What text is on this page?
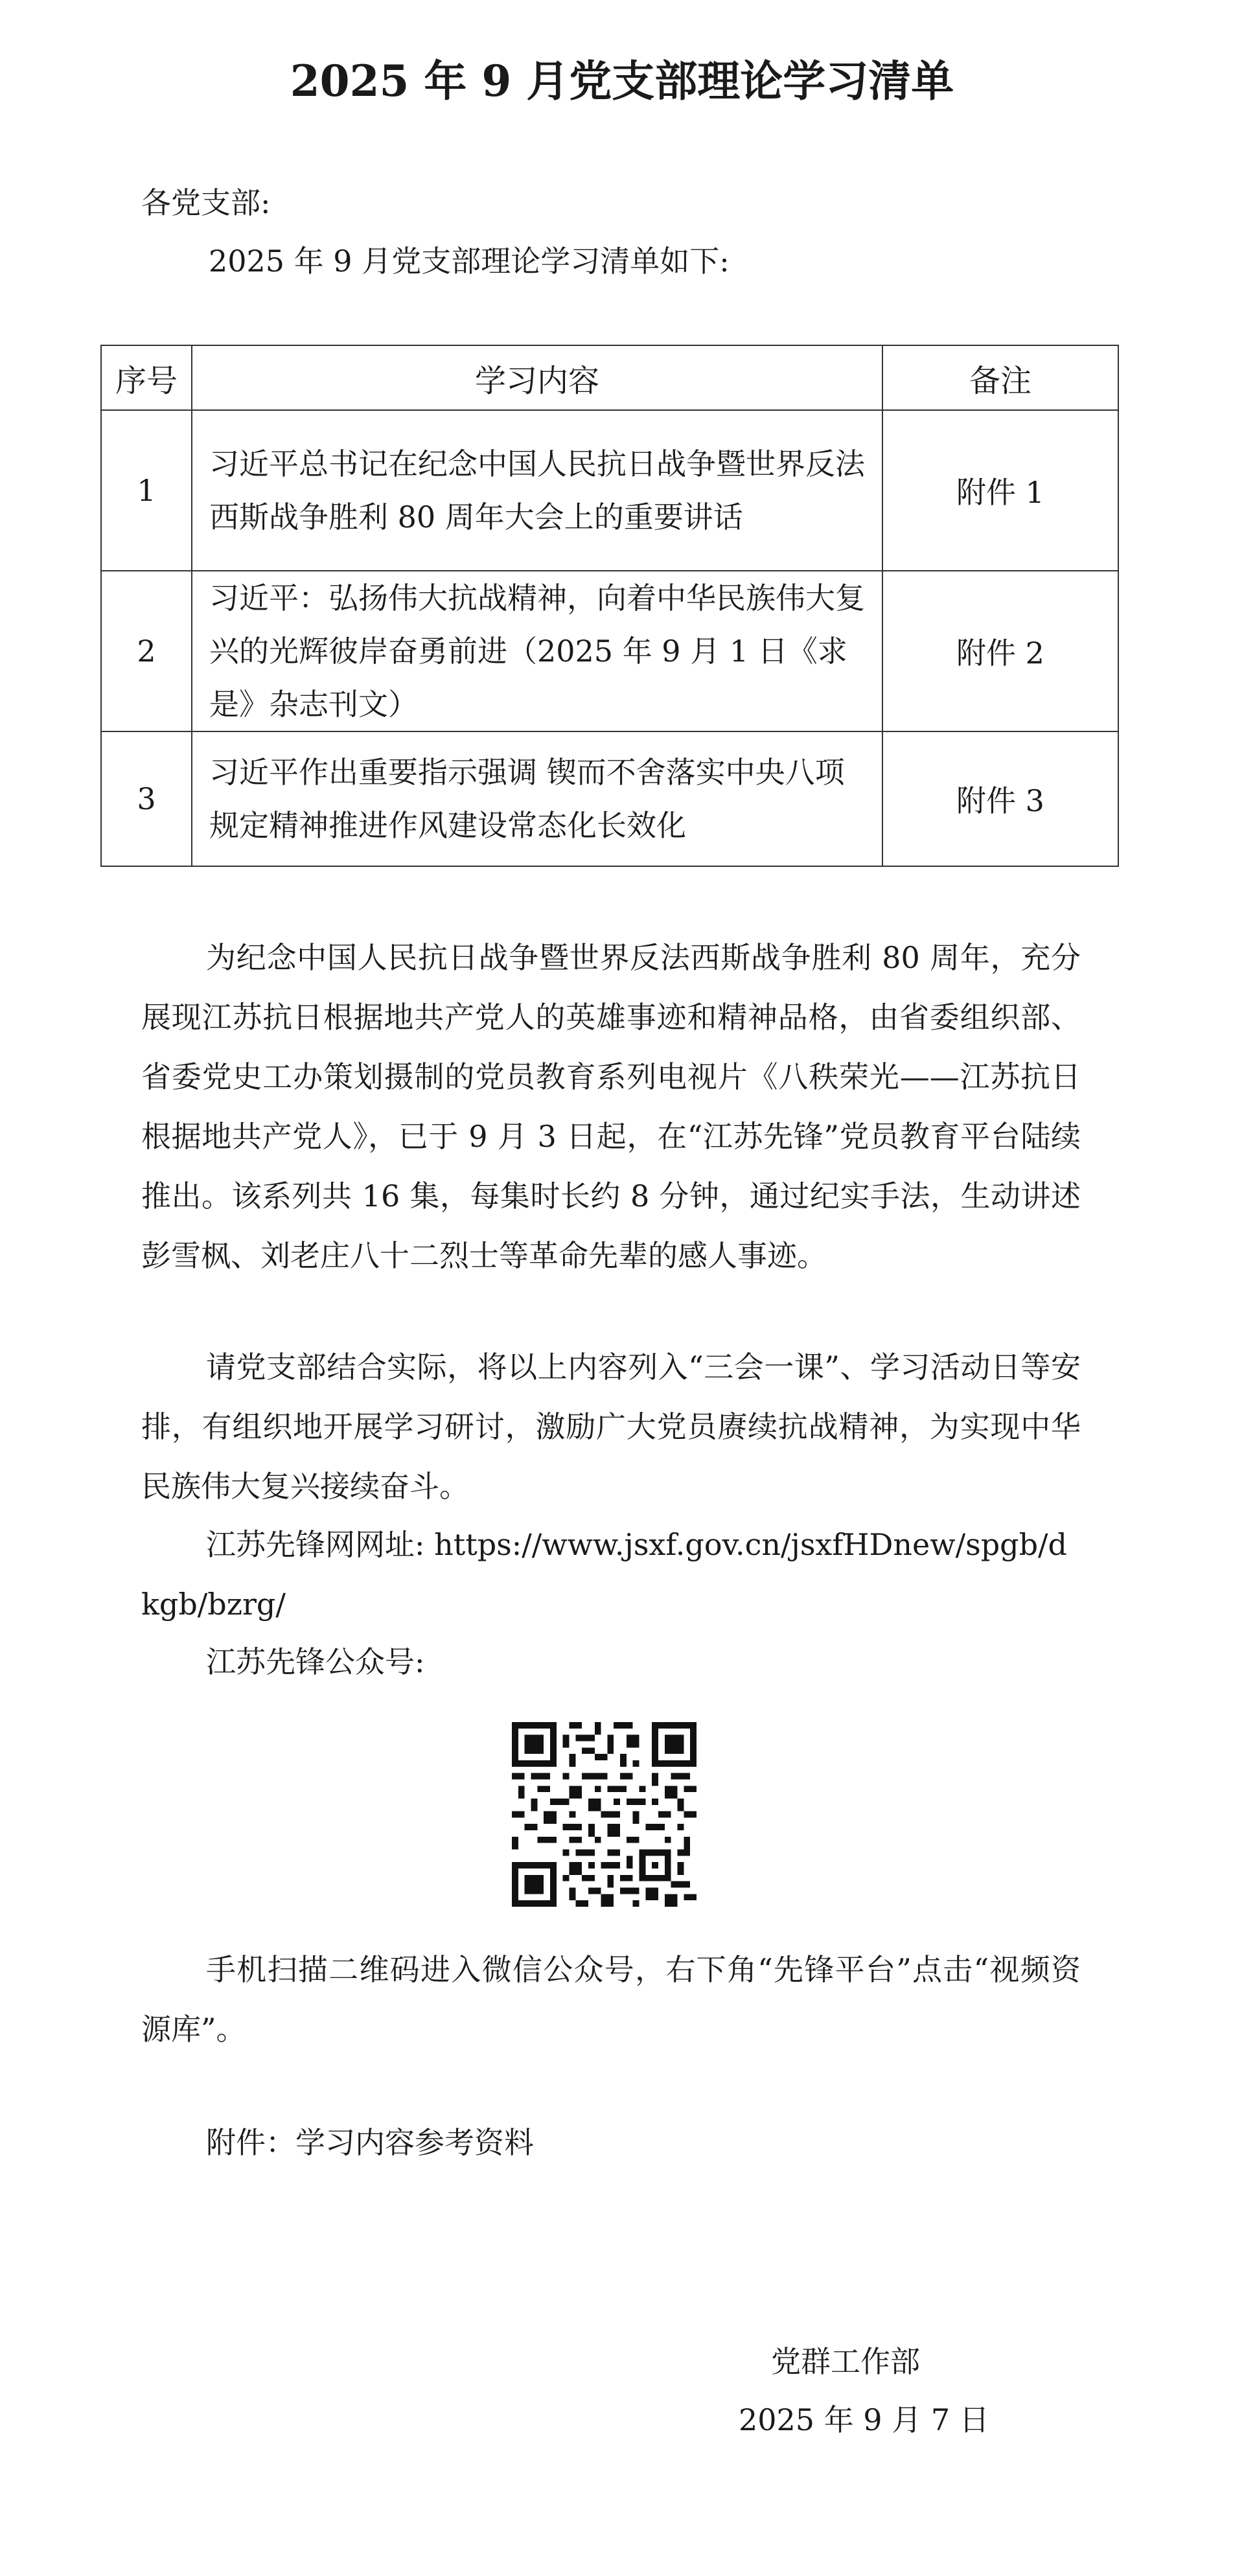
2025 年 9 月党支部理论学习清单

各党支部:

2025 年 9 月党支部理论学习清单如下:

序号	学习内容	备注
1	习近平总书记在纪念中国人民抗日战争暨世界反法西斯战争胜利 80 周年大会上的重要讲话	附件 1
2	习近平：弘扬伟大抗战精神，向着中华民族伟大复兴的光辉彼岸奋勇前进（2025 年 9 月 1 日《求是》杂志刊文）	附件 2
3	习近平作出重要指示强调 锲而不舍落实中央八项规定精神推进作风建设常态化长效化	附件 3

为纪念中国人民抗日战争暨世界反法西斯战争胜利 80 周年，充分展现江苏抗日根据地共产党人的英雄事迹和精神品格，由省委组织部、省委党史工办策划摄制的党员教育系列电视片《八秩荣光——江苏抗日根据地共产党人》，已于 9 月 3 日起，在“江苏先锋”党员教育平台陆续推出。该系列共 16 集，每集时长约 8 分钟，通过纪实手法，生动讲述彭雪枫、刘老庄八十二烈士等革命先辈的感人事迹。

请党支部结合实际，将以上内容列入“三会一课”、学习活动日等安排，有组织地开展学习研讨，激励广大党员赓续抗战精神，为实现中华民族伟大复兴接续奋斗。

江苏先锋网网址: https://www.jsxf.gov.cn/jsxfHDnew/spgb/dkgb/bzrg/

江苏先锋公众号:

手机扫描二维码进入微信公众号，右下角“先锋平台”点击“视频资源库”。

附件：学习内容参考资料

党群工作部

2025 年 9 月 7 日
